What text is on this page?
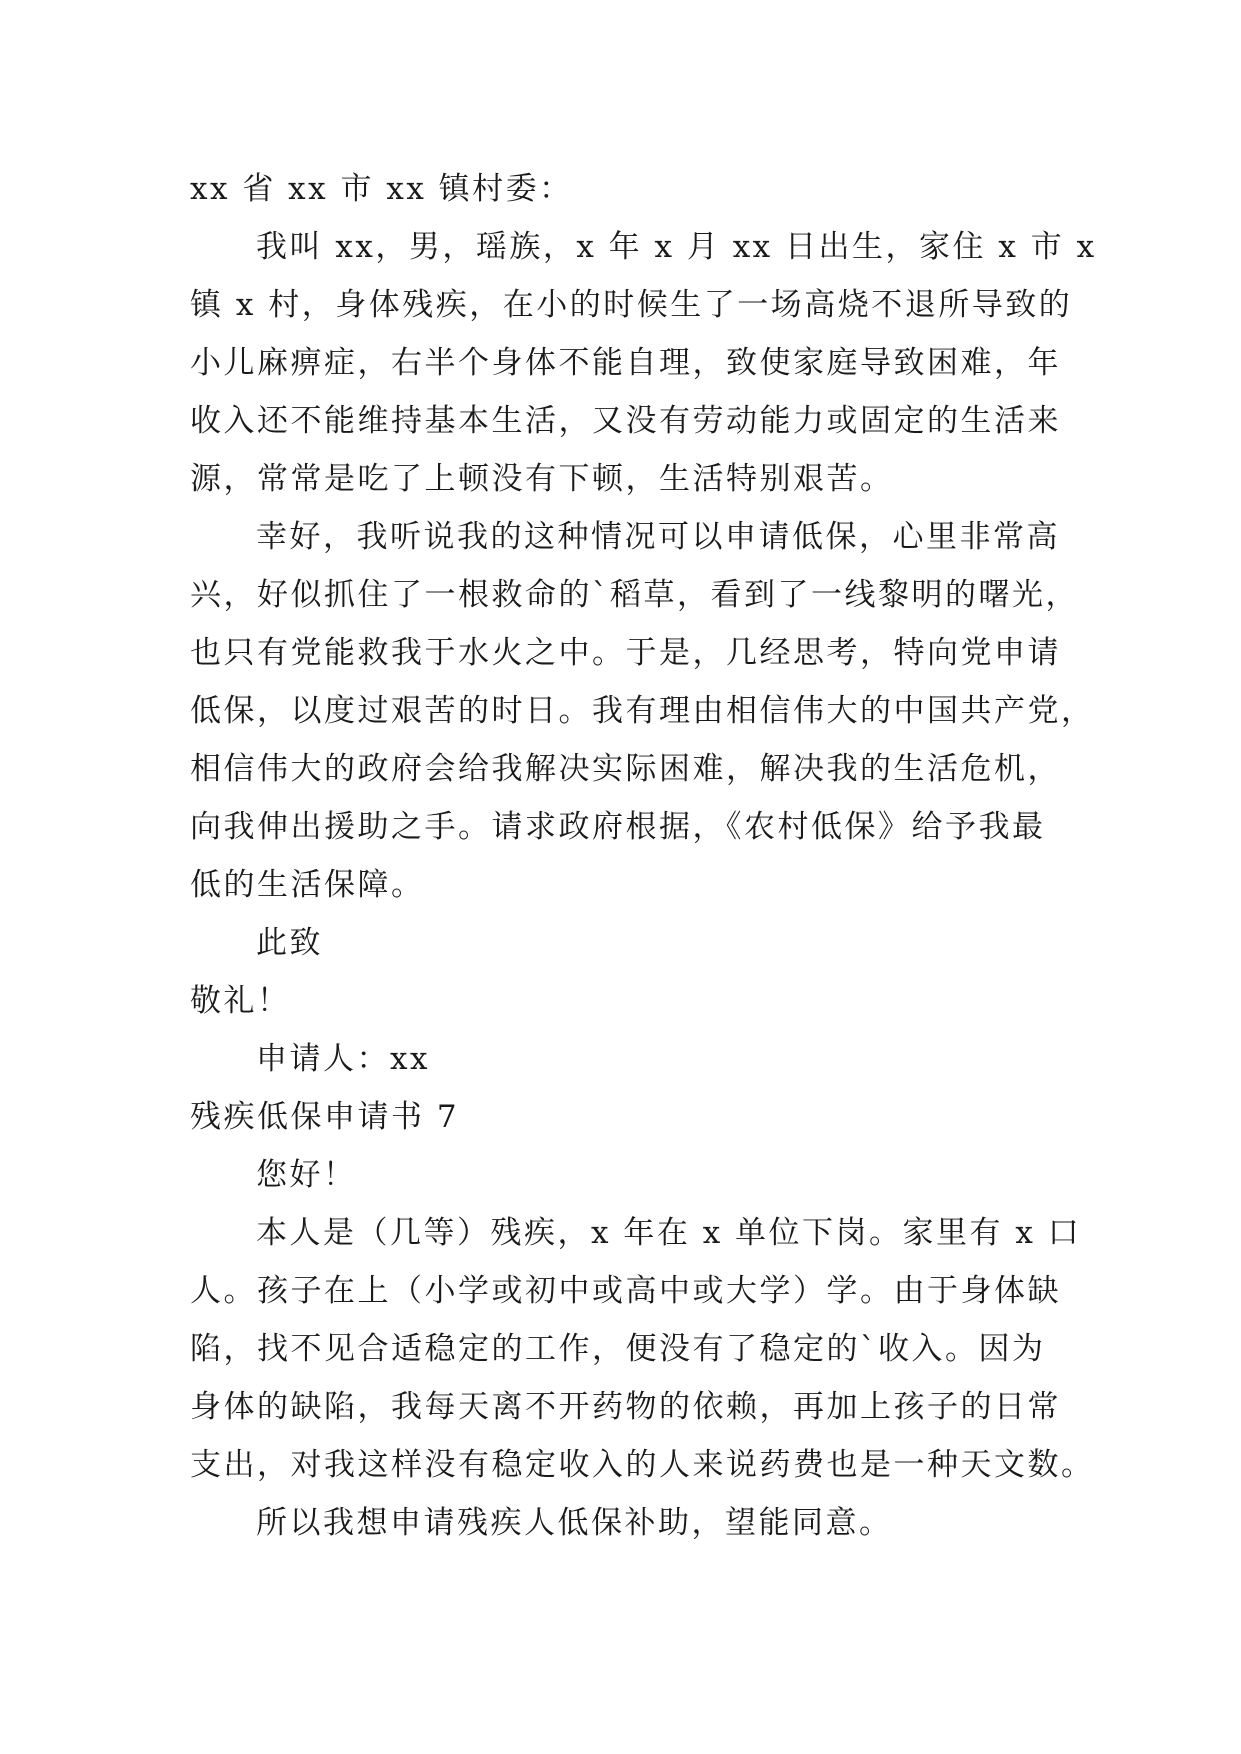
xx 省 xx 市 xx 镇村委：
我叫 xx，男，瑶族，x 年 x 月 xx 日出生，家住 x 市 x
镇 x 村，身体残疾，在小的时候生了一场高烧不退所导致的
小儿麻痹症，右半个身体不能自理，致使家庭导致困难，年
收入还不能维持基本生活，又没有劳动能力或固定的生活来
源，常常是吃了上顿没有下顿，生活特别艰苦。
幸好，我听说我的这种情况可以申请低保，心里非常高
兴，好似抓住了一根救命的`稻草，看到了一线黎明的曙光，
也只有党能救我于水火之中。于是，几经思考，特向党申请
低保，以度过艰苦的时日。我有理由相信伟大的中国共产党，
相信伟大的政府会给我解决实际困难，解决我的生活危机，
向我伸出援助之手。请求政府根据，《农村低保》给予我最
低的生活保障。
此致
敬礼！
申请人：xx
残疾低保申请书 7
您好！
本人是（几等）残疾，x 年在 x 单位下岗。家里有 x 口
人。孩子在上（小学或初中或高中或大学）学。由于身体缺
陷，找不见合适稳定的工作，便没有了稳定的`收入。因为
身体的缺陷，我每天离不开药物的依赖，再加上孩子的日常
支出，对我这样没有稳定收入的人来说药费也是一种天文数。
所以我想申请残疾人低保补助，望能同意。
